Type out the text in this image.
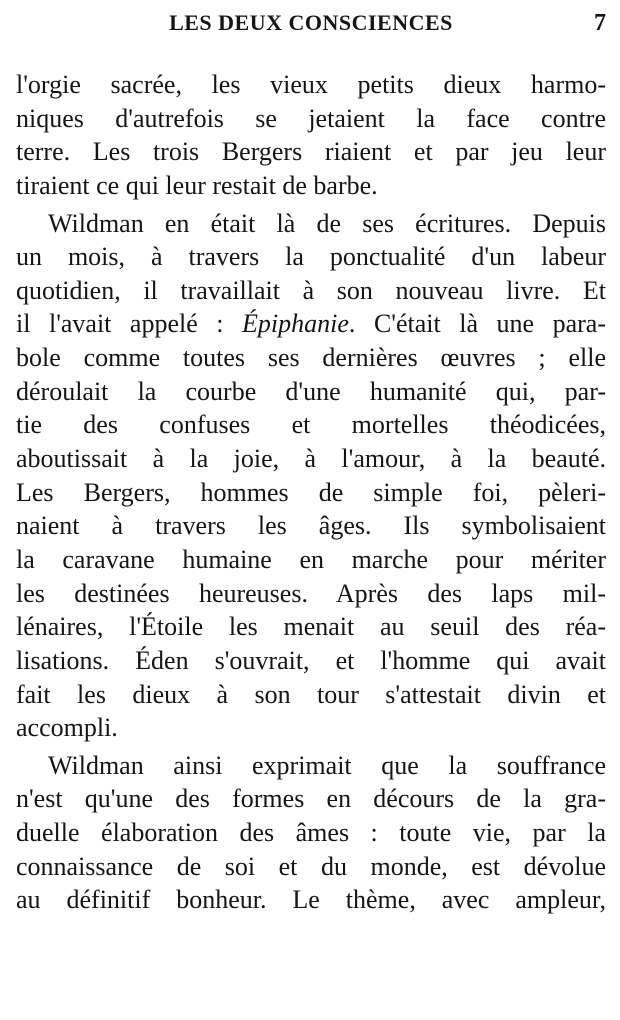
LES DEUX CONSCIENCES	7
l'orgie sacrée, les vieux petits dieux harmo-
niques d'autrefois se jetaient la face contre
terre. Les trois Bergers riaient et par jeu leur
tiraient ce qui leur restait de barbe.
Wildman en était là de ses écritures. Depuis
un mois, à travers la ponctualité d'un labeur
quotidien, il travaillait à son nouveau livre. Et
il l'avait appelé : Épiphanie. C'était là une para-
bole comme toutes ses dernières œuvres ; elle
déroulait la courbe d'une humanité qui, par-
tie des confuses et mortelles théodicées,
aboutissait à la joie, à l'amour, à la beauté.
Les Bergers, hommes de simple foi, pèleri-
naient à travers les âges. Ils symbolisaient
la caravane humaine en marche pour mériter
les destinées heureuses. Après des laps mil-
lénaires, l'Étoile les menait au seuil des réa-
lisations. Éden s'ouvrait, et l'homme qui avait
fait les dieux à son tour s'attestait divin et
accompli.
Wildman ainsi exprimait que la souffrance
n'est qu'une des formes en décours de la gra-
duelle élaboration des âmes : toute vie, par la
connaissance de soi et du monde, est dévolue
au définitif bonheur. Le thème, avec ampleur,
